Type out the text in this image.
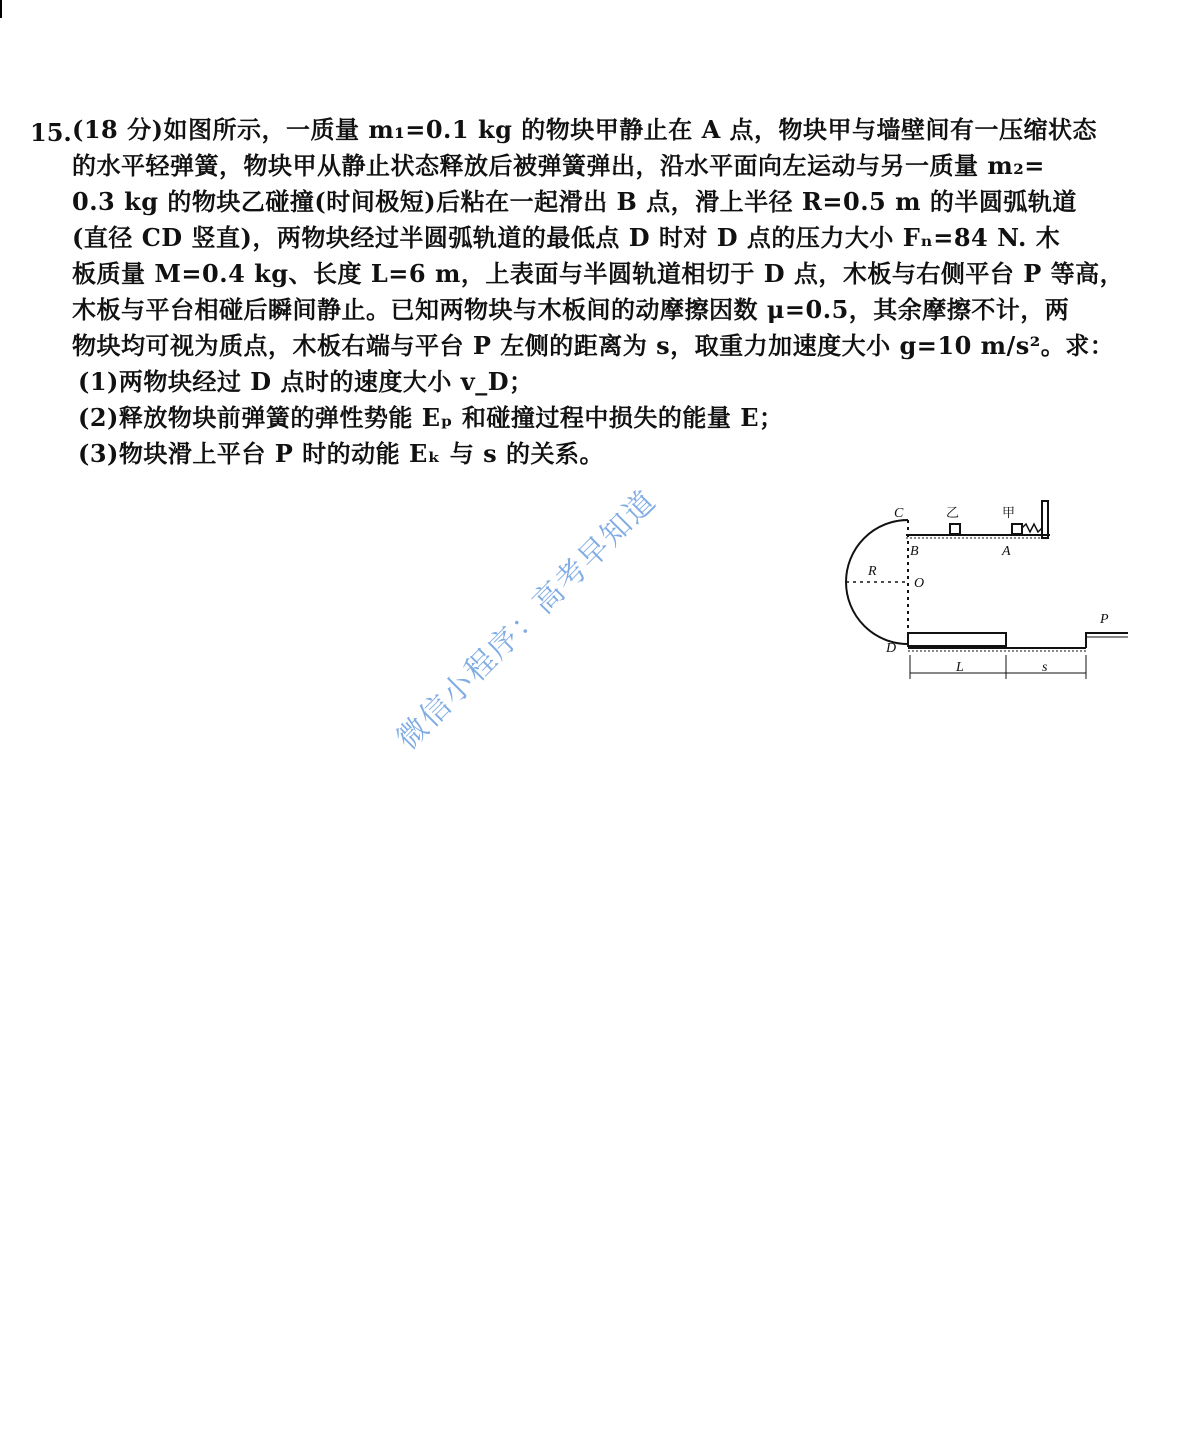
15. (18 分)如图所示，一质量 m₁=0.1 kg 的物块甲静止在 A 点，物块甲与墙壁间有一压缩状态
的水平轻弹簧，物块甲从静止状态释放后被弹簧弹出，沿水平面向左运动与另一质量 m₂=
0.3 kg 的物块乙碰撞(时间极短)后粘在一起滑出 B 点，滑上半径 R=0.5 m 的半圆弧轨道
(直径 CD 竖直)，两物块经过半圆弧轨道的最低点 D 时对 D 点的压力大小 Fₙ=84 N. 木
板质量 M=0.4 kg、长度 L=6 m，上表面与半圆轨道相切于 D 点，木板与右侧平台 P 等高，
木板与平台相碰后瞬间静止。已知两物块与木板间的动摩擦因数 μ=0.5，其余摩擦不计，两
物块均可视为质点，木板右端与平台 P 左侧的距离为 s，取重力加速度大小 g=10 m/s²。求：
(1)两物块经过 D 点时的速度大小 v_D；
(2)释放物块前弹簧的弹性势能 Eₚ 和碰撞过程中损失的能量 E；
(3)物块滑上平台 P 时的动能 Eₖ 与 s 的关系。
C
B
O
R
D
A
P
L	s
乙	甲
微信小程序：高考早知道
